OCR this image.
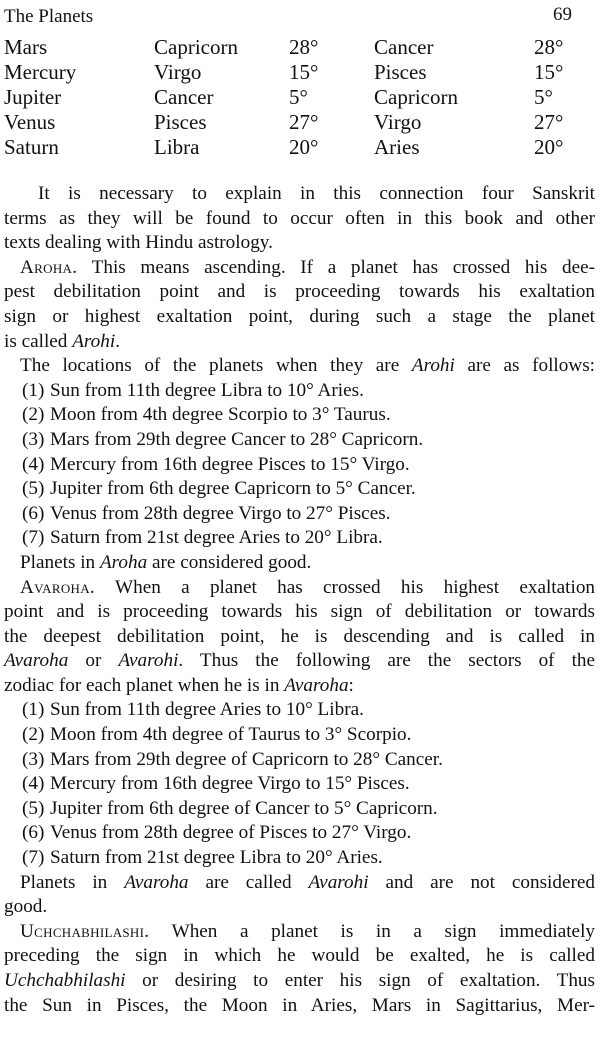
The Planets	69
Mars	Capricorn 28°	Cancer	28°
Mercury	Virgo	15°	Pisces	15°
Jupiter	Cancer	5°	Capricorn	5°
Venus	Pisces	27°	Virgo	27°
Saturn	Libra	20°	Aries	20°
It is necessary to explain in this connection four Sanskrit
terms as they will be found to occur often in this book and other
texts dealing with Hindu astrology.
Aroha. This means ascending. If a planet has crossed his dee-
pest debilitation point and is proceeding towards his exaltation
sign or highest exaltation point, during such a stage the planet
is called Arohi.
The locations of the planets when they are Arohi are as follows:
(1) Sun from 11th degree Libra to 10° Aries.
(2) Moon from 4th degree Scorpio to 3° Taurus.
(3) Mars from 29th degree Cancer to 28° Capricorn.
(4) Mercury from 16th degree Pisces to 15° Virgo.
(5) Jupiter from 6th degree Capricorn to 5° Cancer.
(6) Venus from 28th degree Virgo to 27° Pisces.
(7) Saturn from 21st degree Aries to 20° Libra.
Planets in Aroha are considered good.
Avaroha. When a planet has crossed his highest exaltation
point and is proceeding towards his sign of debilitation or towards
the deepest debilitation point, he is descending and is called in
Avaroha or Avarohi. Thus the following are the sectors of the
zodiac for each planet when he is in Avaroha:
(1) Sun from 11th degree Aries to 10° Libra.
(2) Moon from 4th degree of Taurus to 3° Scorpio.
(3) Mars from 29th degree of Capricorn to 28° Cancer.
(4) Mercury from 16th degree Virgo to 15° Pisces.
(5) Jupiter from 6th degree of Cancer to 5° Capricorn.
(6) Venus from 28th degree of Pisces to 27° Virgo.
(7) Saturn from 21st degree Libra to 20° Aries.
Planets in Avaroha are called Avarohi and are not considered
good.
Uchchabhilashi. When a planet is in a sign immediately
preceding the sign in which he would be exalted, he is called
Uchchabhilashi or desiring to enter his sign of exaltation. Thus
the Sun in Pisces, the Moon in Aries, Mars in Sagittarius, Mer-
